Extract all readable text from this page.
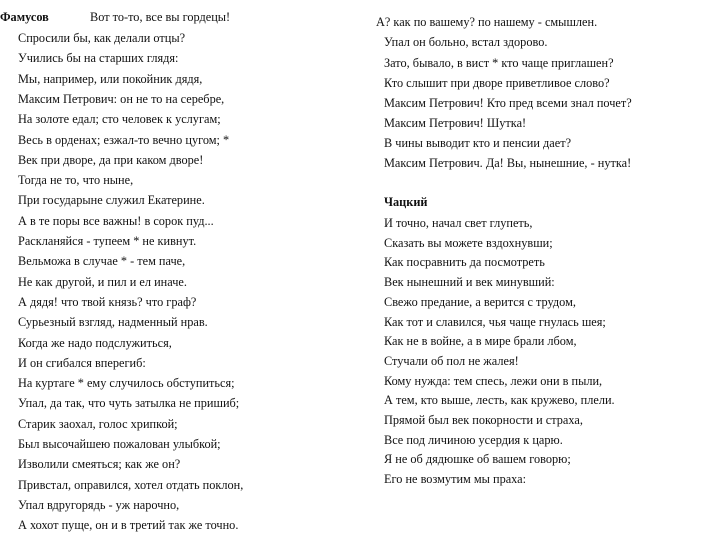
Фамусов	Вот то-то, все вы гордецы!
Спросили бы, как делали отцы?
Учились бы на старших глядя:
Мы, например, или покойник дядя,
Максим Петрович: он не то на серебре,
На золоте едал; сто человек к услугам;
Весь в орденах; езжал-то вечно цугом; *
Век при дворе, да при каком дворе!
Тогда не то, что ныне,
При государыне служил Екатерине.
А в те поры все важны! в сорок пуд...
Раскланяйся - тупеем * не кивнут.
Вельможа в случае * - тем паче,
Не как другой, и пил и ел иначе.
А дядя! что твой князь? что граф?
Сурьезный взгляд, надменный нрав.
Когда же надо подслужиться,
И он сгибался вперегиб:
На куртаге * ему случилось обступиться;
Упал, да так, что чуть затылка не пришиб;
Старик заохал, голос хрипкой;
Был высочайшею пожалован улыбкой;
Изволили смеяться; как же он?
Привстал, оправился, хотел отдать поклон,
Упал вдругорядь - уж нарочно,
А хохот пуще, он и в третий так же точно.
А? как по вашему? по нашему - смышлен.
Упал он больно, встал здорово.
Зато, бывало, в вист * кто чаще приглашен?
Кто слышит при дворе приветливое слово?
Максим Петрович! Кто пред всеми знал почет?
Максим Петрович! Шутка!
В чины выводит кто и пенсии дает?
Максим Петрович. Да! Вы, нынешние, - нутка!
Чацкий
И точно, начал свет глупеть,
Сказать вы можете вздохнувши;
Как посравнить да посмотреть
Век нынешний и век минувший:
Свежо предание, а верится с трудом,
Как тот и славился, чья чаще гнулась шея;
Как не в войне, а в мире брали лбом,
Стучали об пол не жалея!
Кому нужда: тем спесь, лежи они в пыли,
А тем, кто выше, лесть, как кружево, плели.
Прямой был век покорности и страха,
Все под личиною усердия к царю.
Я не об дядюшке об вашем говорю;
Его не возмутим мы праха:
